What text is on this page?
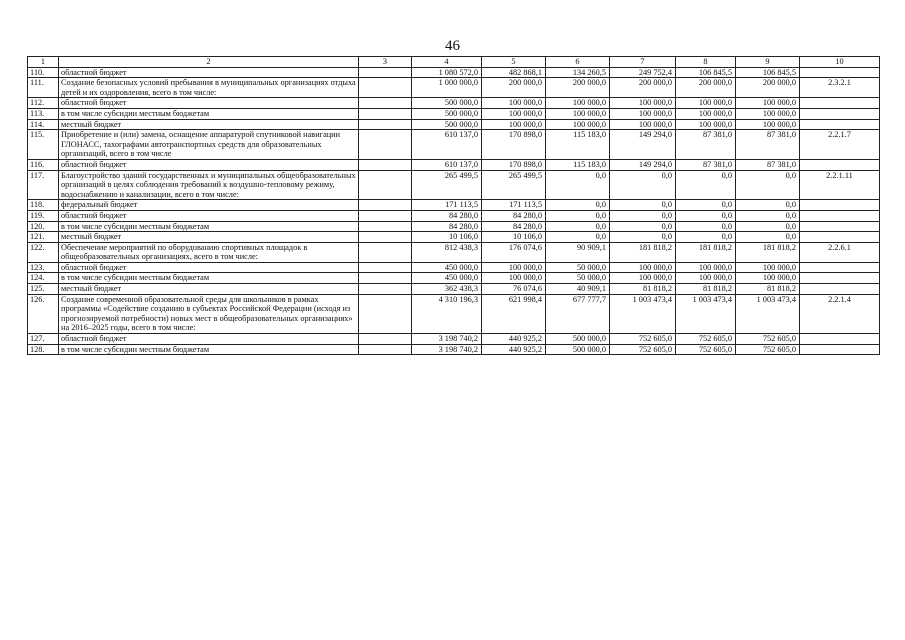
46
1	2	3	4	5	6	7	8	9	10
110.	областной бюджет		1 080 572,0	482 868,1	134 260,5	249 752,4	106 845,5	106 845,5	
111.	Создание безопасных условий пребывания в муниципальных организациях отдыха детей и их оздоровления, всего в том числе:		1 000 000,0	200 000,0	200 000,0	200 000,0	200 000,0	200 000,0	2.3.2.1
112.	областной бюджет		500 000,0	100 000,0	100 000,0	100 000,0	100 000,0	100 000,0	
113.	в том числе субсидии местным бюджетам		500 000,0	100 000,0	100 000,0	100 000,0	100 000,0	100 000,0	
114.	местный бюджет		500 000,0	100 000,0	100 000,0	100 000,0	100 000,0	100 000,0	
115.	Приобретение и (или) замена, оснащение аппаратурой спутниковой навигации ГЛОНАСС, тахографами автотранспортных средств для образовательных организаций, всего в том числе		610 137,0	170 898,0	115 183,0	149 294,0	87 381,0	87 381,0	2.2.1.7
116.	областной бюджет		610 137,0	170 898,0	115 183,0	149 294,0	87 381,0	87 381,0	
117.	Благоустройство зданий государственных и муниципальных общеобразовательных организаций в целях соблюдения требований к воздушно-тепловому режиму, водоснабжению и канализации, всего в том числе:		265 499,5	265 499,5	0,0	0,0	0,0	0,0	2.2.1.11
118.	федеральный бюджет		171 113,5	171 113,5	0,0	0,0	0,0	0,0	
119.	областной бюджет		84 280,0	84 280,0	0,0	0,0	0,0	0,0	
120.	в том числе субсидии местным бюджетам		84 280,0	84 280,0	0,0	0,0	0,0	0,0	
121.	местный бюджет		10 106,0	10 106,0	0,0	0,0	0,0	0,0	
122.	Обеспечение мероприятий по оборудованию спортивных площадок в общеобразовательных организациях, всего в том числе:		812 438,3	176 074,6	90 909,1	181 818,2	181 818,2	181 818,2	2.2.6.1
123.	областной бюджет		450 000,0	100 000,0	50 000,0	100 000,0	100 000,0	100 000,0	
124.	в том числе субсидии местным бюджетам		450 000,0	100 000,0	50 000,0	100 000,0	100 000,0	100 000,0	
125.	местный бюджет		362 438,3	76 074,6	40 909,1	81 818,2	81 818,2	81 818,2	
126.	Создание современной образовательной среды для школьников в рамках программы «Содействие созданию в субъектах Российской Федерации (исходя из прогнозируемой потребности) новых мест в общеобразовательных организациях» на 2016–2025 годы, всего в том числе:		4 310 196,3	621 998,4	677 777,7	1 003 473,4	1 003 473,4	1 003 473,4	2.2.1.4
127.	областной бюджет		3 198 740,2	440 925,2	500 000,0	752 605,0	752 605,0	752 605,0	
128.	в том числе субсидии местным бюджетам		3 198 740,2	440 925,2	500 000,0	752 605,0	752 605,0	752 605,0	
